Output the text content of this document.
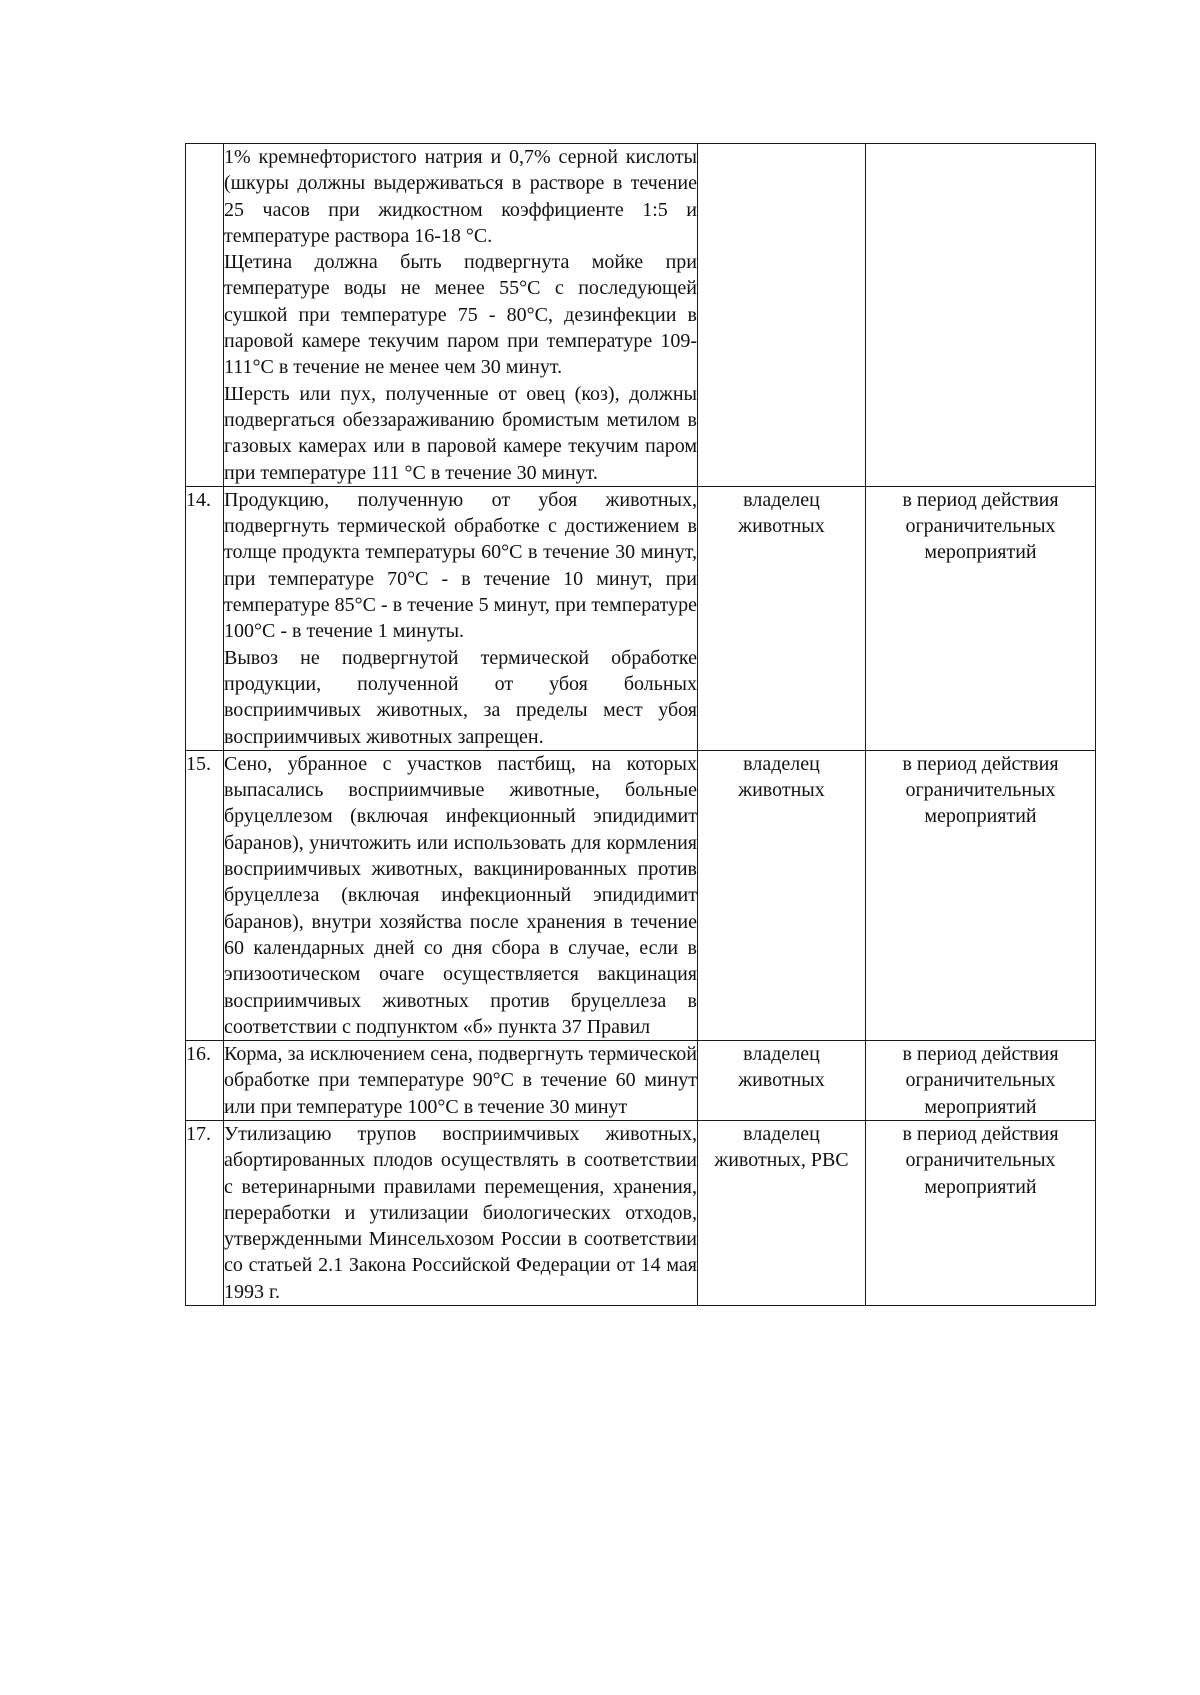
	1% кремнефтористого натрия и 0,7% серной кислоты (шкуры должны выдерживаться в растворе в течение 25 часов при жидкостном коэффициенте 1:5 и температуре раствора 16-18 °С.

Щетина должна быть подвергнута мойке при температуре воды не менее 55°С с последующей сушкой при температуре 75 - 80°С, дезинфекции в паровой камере текучим паром при температуре 109-111°С в течение не менее чем 30 минут.

Шерсть или пух, полученные от овец (коз), должны подвергаться обеззараживанию бромистым метилом в газовых камерах или в паровой камере текучим паром при температуре 111 °С в течение 30 минут.		

14.	Продукцию, полученную от убоя животных, подвергнуть термической обработке с достижением в толще продукта температуры 60°С в течение 30 минут, при температуре 70°С - в течение 10 минут, при температуре 85°С - в течение 5 минут, при температуре 100°С - в течение 1 минуты.

Вывоз не подвергнутой термической обработке продукции, полученной от убоя больных восприимчивых животных, за пределы мест убоя восприимчивых животных запрещен.	владелец животных	в период действия ограничительных мероприятий
15.	Сено, убранное с участков пастбищ, на которых выпасались восприимчивые животные, больные бруцеллезом (включая инфекционный эпидидимит баранов), уничтожить или использовать для кормления восприимчивых животных, вакцинированных против бруцеллеза (включая инфекционный эпидидимит баранов), внутри хозяйства после хранения в течение 60 календарных дней со дня сбора в случае, если в эпизоотическом очаге осуществляется вакцинация восприимчивых животных против бруцеллеза в соответствии с подпунктом «б» пункта 37 Правил	владелец животных	в период действия ограничительных мероприятий
16.	Корма, за исключением сена, подвергнуть термической обработке при температуре 90°С в течение 60 минут или при температуре 100°С в течение 30 минут	владелец животных	в период действия ограничительных мероприятий
17.	Утилизацию трупов восприимчивых животных, абортированных плодов осуществлять в соответствии с ветеринарными правилами перемещения, хранения, переработки и утилизации биологических отходов, утвержденными Минсельхозом России в соответствии со статьей 2.1 Закона Российской Федерации от 14 мая 1993 г.	владелец животных, РВС	в период действия ограничительных мероприятий
